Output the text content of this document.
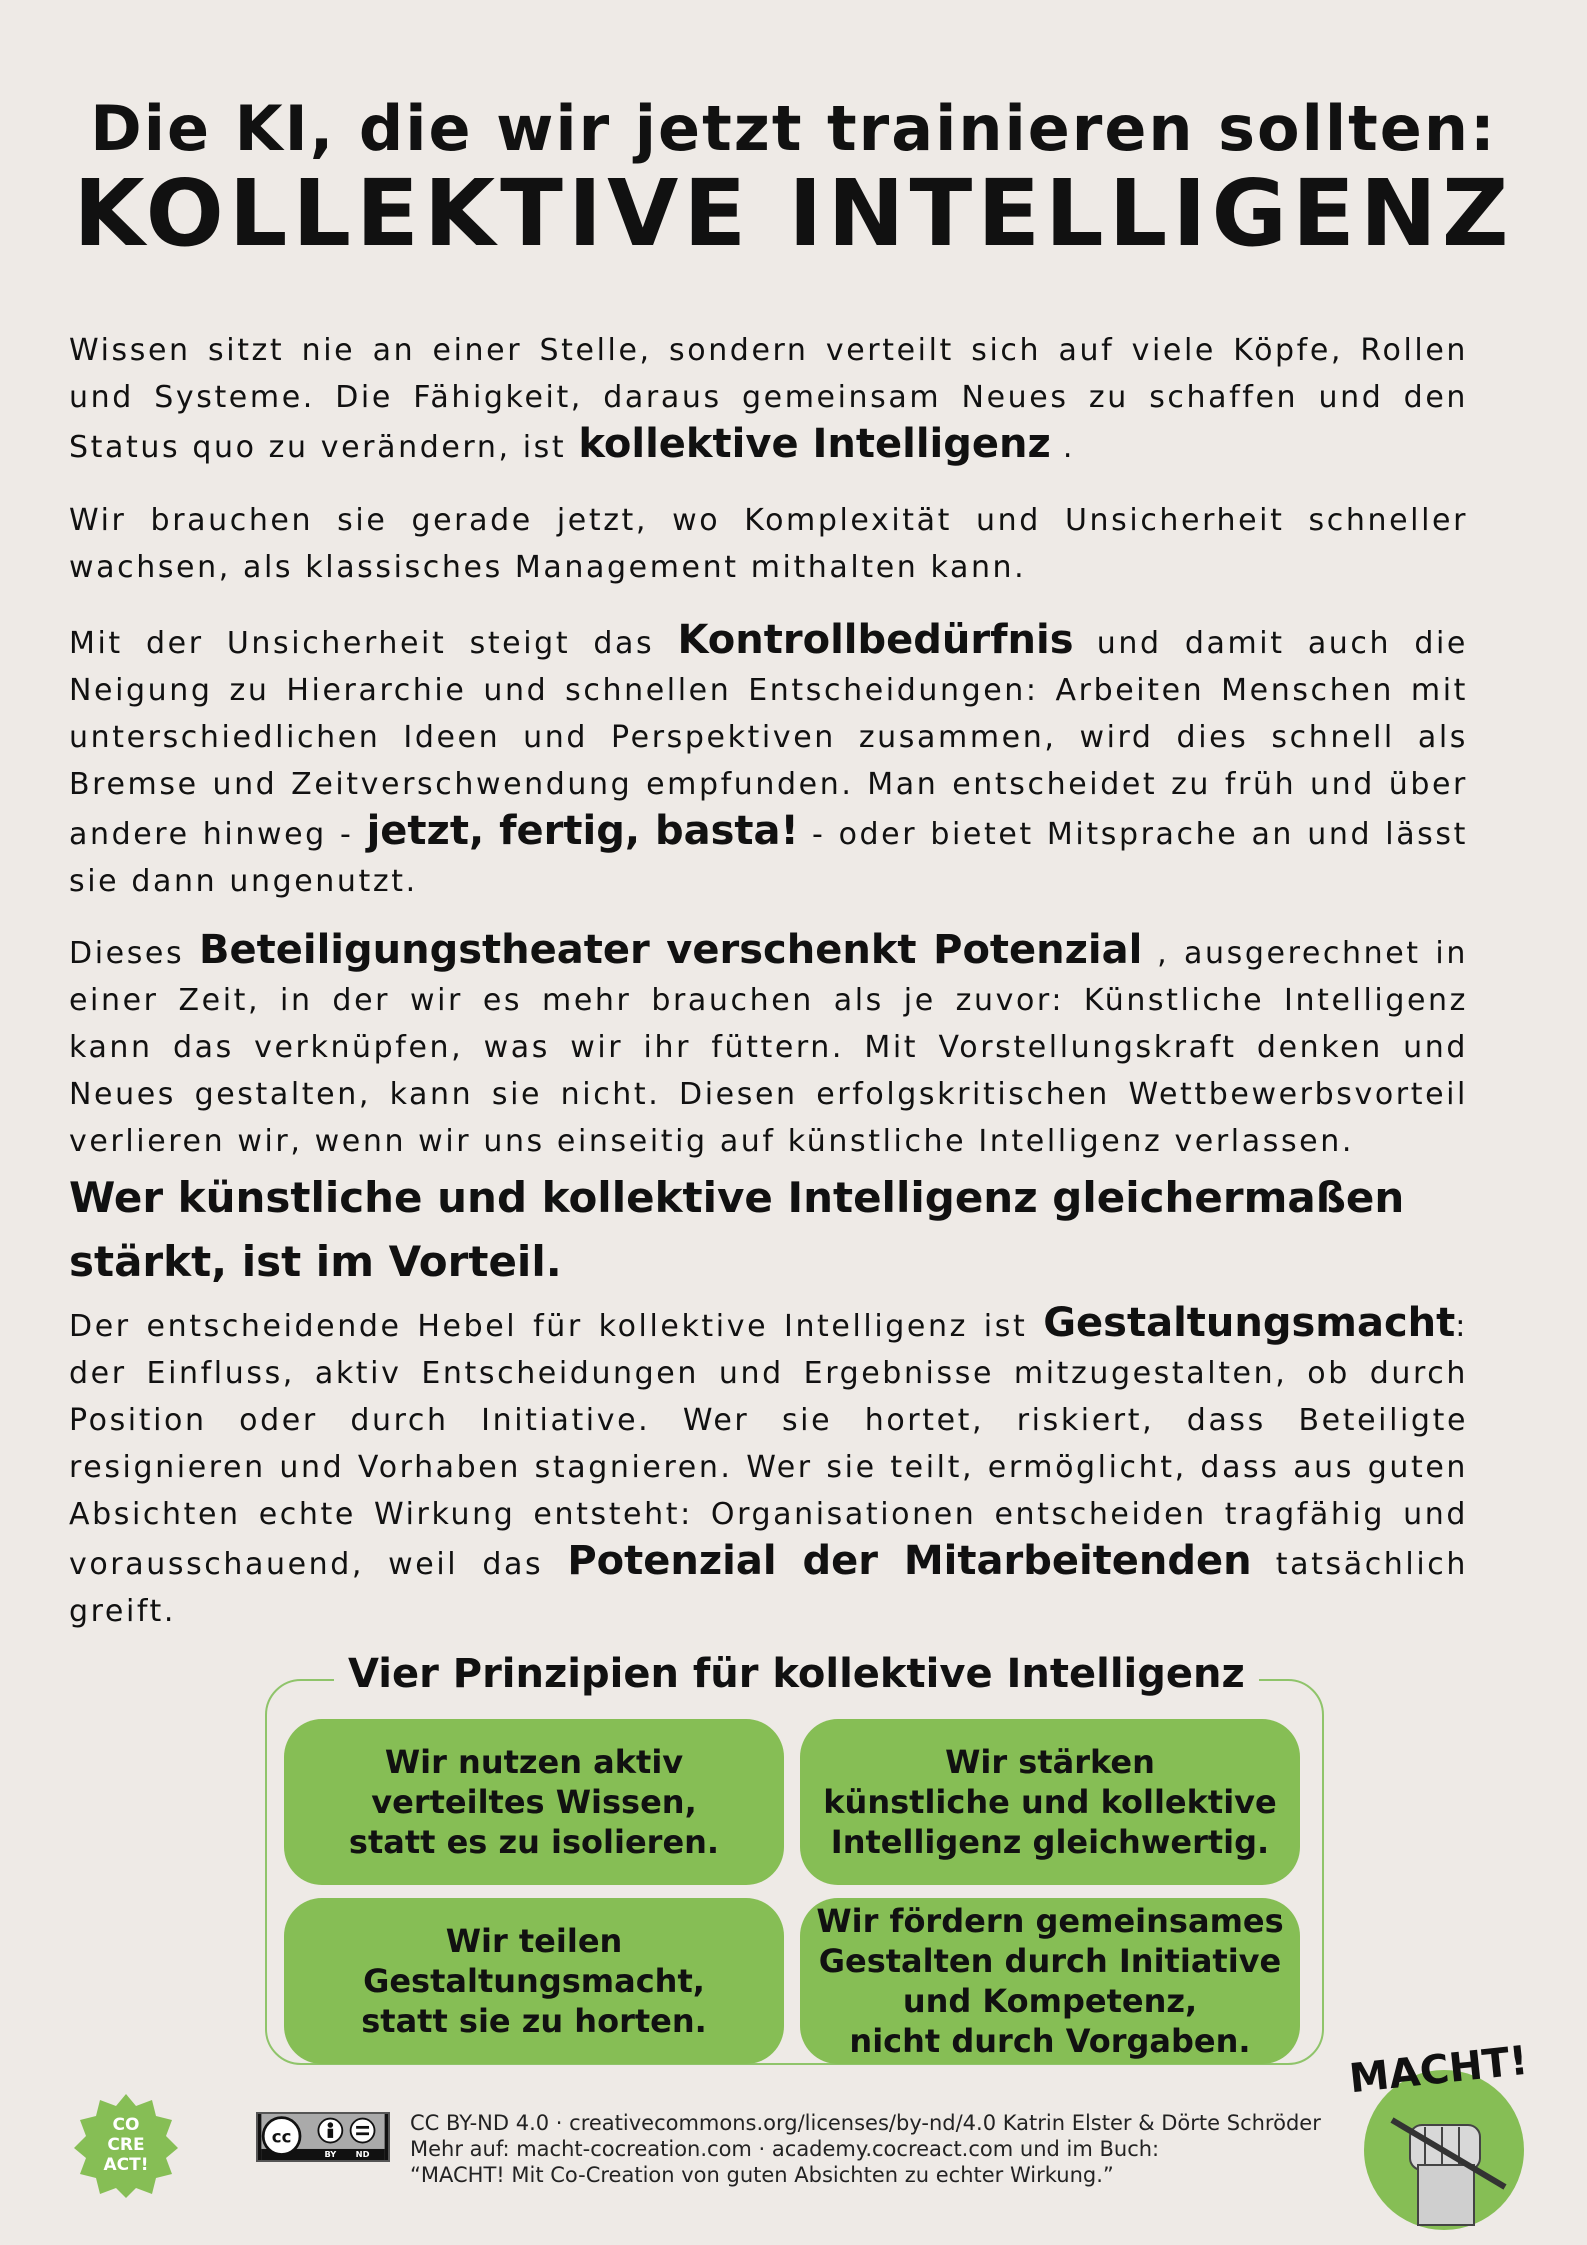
Die KI, die wir jetzt trainieren sollten:
KOLLEKTIVE INTELLIGENZ

Wissen sitzt nie an einer Stelle, sondern verteilt sich auf viele Köpfe, Rollen und Systeme. Die Fähigkeit, daraus gemeinsam Neues zu schaffen und den Status quo zu verändern, ist kollektive Intelligenz .

Wir brauchen sie gerade jetzt, wo Komplexität und Unsicherheit schneller wachsen, als klassisches Management mithalten kann.

Mit der Unsicherheit steigt das Kontrollbedürfnis und damit auch die Neigung zu Hierarchie und schnellen Entscheidungen: Arbeiten Menschen mit unterschiedlichen Ideen und Perspektiven zusammen, wird dies schnell als Bremse und Zeitverschwendung empfunden. Man entscheidet zu früh und über andere hinweg - jetzt, fertig, basta! - oder bietet Mitsprache an und lässt sie dann ungenutzt.

Dieses Beteiligungstheater verschenkt Potenzial , ausgerechnet in einer Zeit, in der wir es mehr brauchen als je zuvor: Künstliche Intelligenz kann das verknüpfen, was wir ihr füttern. Mit Vorstellungskraft denken und Neues gestalten, kann sie nicht. Diesen erfolgskritischen Wettbewerbsvorteil verlieren wir, wenn wir uns einseitig auf künstliche Intelligenz verlassen.

Wer künstliche und kollektive Intelligenz gleichermaßen stärkt, ist im Vorteil.

Der entscheidende Hebel für kollektive Intelligenz ist Gestaltungsmacht: der Einfluss, aktiv Entscheidungen und Ergebnisse mitzugestalten, ob durch Position oder durch Initiative. Wer sie hortet, riskiert, dass Beteiligte resignieren und Vorhaben stagnieren. Wer sie teilt, ermöglicht, dass aus guten Absichten echte Wirkung entsteht: Organisationen entscheiden tragfähig und vorausschauend, weil das Potenzial der Mitarbeitenden tatsächlich greift.

Vier Prinzipien für kollektive Intelligenz
Wir nutzen aktiv
verteiltes Wissen,
statt es zu isolieren.
Wir stärken
künstliche und kollektive
Intelligenz gleichwertig.
Wir teilen
Gestaltungsmacht,
statt sie zu horten.
Wir fördern gemeinsames
Gestalten durch Initiative
und Kompetenz,
nicht durch Vorgaben.
CO
CRE
ACT!
cc
BY ND
CC BY-ND 4.0 · creativecommons.org/licenses/by-nd/4.0 Katrin Elster & Dörte Schröder
Mehr auf: macht-cocreation.com · academy.cocreact.com und im Buch:
“MACHT! Mit Co-Creation von guten Absichten zu echter Wirkung.”
MACHT!
